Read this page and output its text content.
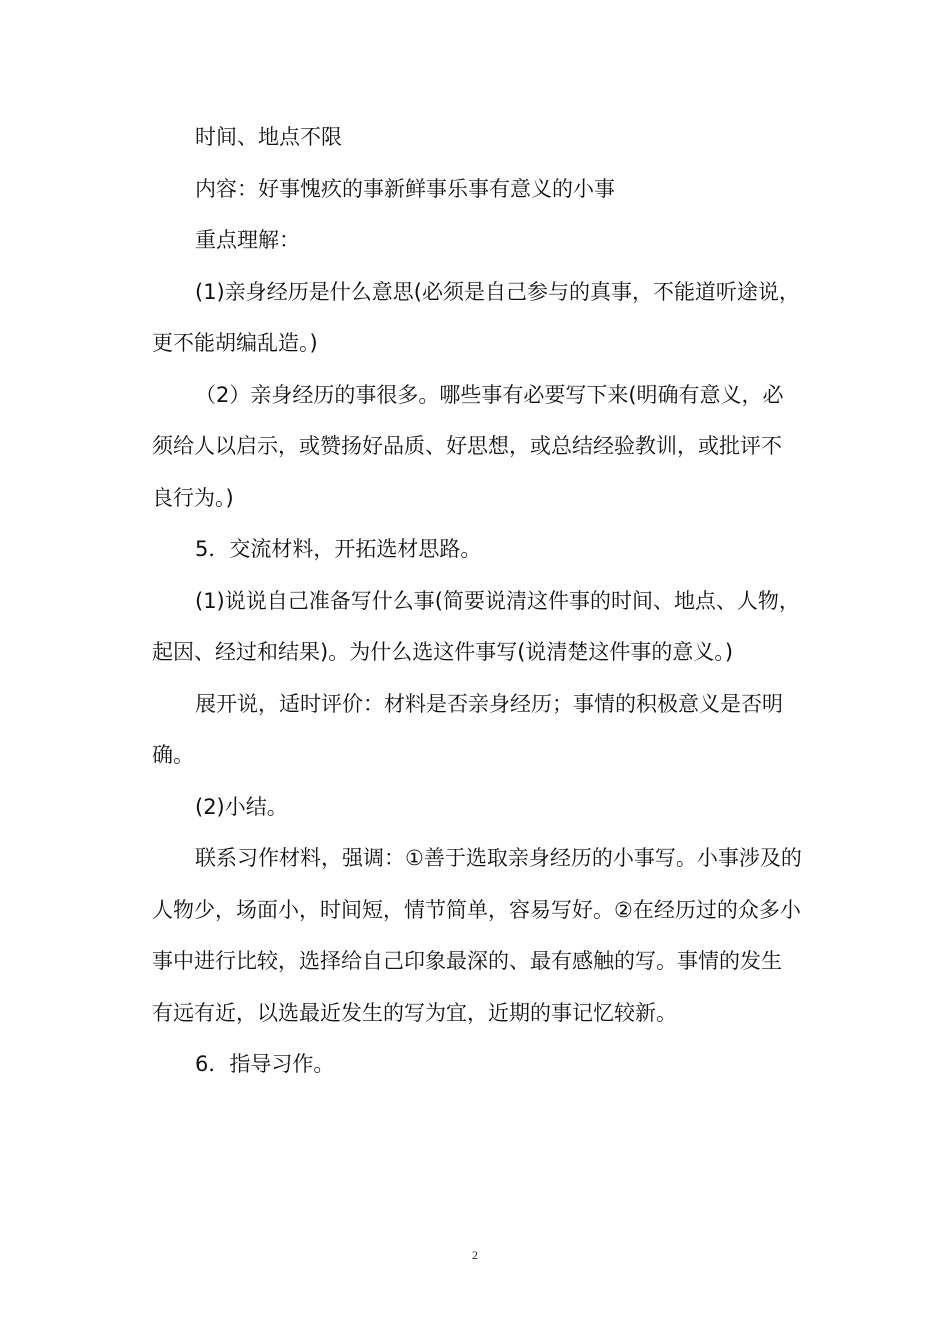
时间、地点不限

内容：好事愧疚的事新鲜事乐事有意义的小事

重点理解：

(1)亲身经历是什么意思(必须是自己参与的真事，不能道听途说，更不能胡编乱造。)

（2）亲身经历的事很多。哪些事有必要写下来(明确有意义，必须给人以启示，或赞扬好品质、好思想，或总结经验教训，或批评不良行为。)

5．交流材料，开拓选材思路。

(1)说说自己准备写什么事(简要说清这件事的时间、地点、人物，起因、经过和结果)。为什么选这件事写(说清楚这件事的意义。)

展开说，适时评价：材料是否亲身经历；事情的积极意义是否明确。

(2)小结。

联系习作材料，强调：①善于选取亲身经历的小事写。小事涉及的人物少，场面小，时间短，情节简单，容易写好。②在经历过的众多小事中进行比较，选择给自己印象最深的、最有感触的写。事情的发生有远有近，以选最近发生的写为宜，近期的事记忆较新。

6．指导习作。

2
